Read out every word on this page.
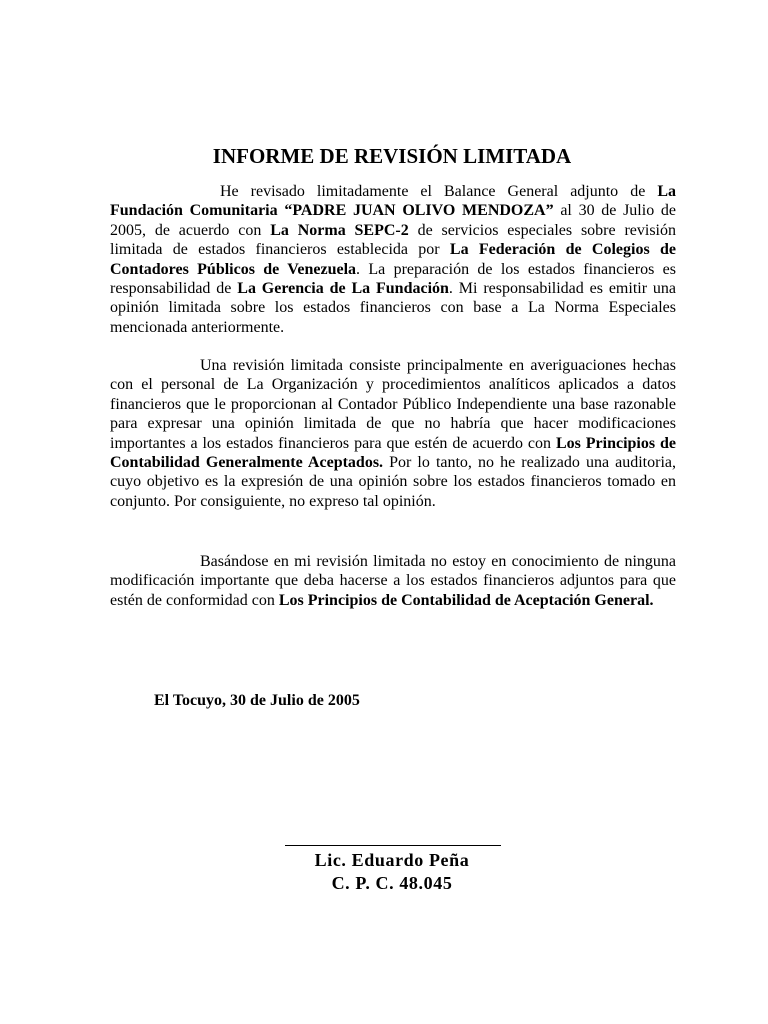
INFORME DE REVISIÓN LIMITADA
He revisado limitadamente el Balance General adjunto de La Fundación Comunitaria “PADRE JUAN OLIVO MENDOZA” al 30 de Julio de 2005, de acuerdo con La Norma SEPC-2 de servicios especiales sobre revisión limitada de estados financieros establecida por La Federación de Colegios de Contadores Públicos de Venezuela. La preparación de los estados financieros es responsabilidad de La Gerencia de La Fundación. Mi responsabilidad es emitir una opinión limitada sobre los estados financieros con base a La Norma Especiales mencionada anteriormente.
Una revisión limitada consiste principalmente en averiguaciones hechas con el personal de La Organización y procedimientos analíticos aplicados a datos financieros que le proporcionan al Contador Público Independiente una base razonable para expresar una opinión limitada de que no habría que hacer modificaciones importantes a los estados financieros para que estén de acuerdo con Los Principios de Contabilidad Generalmente Aceptados. Por lo tanto, no he realizado una auditoria, cuyo objetivo es la expresión de una opinión sobre los estados financieros tomado en conjunto. Por consiguiente, no expreso tal opinión.
Basándose en mi revisión limitada no estoy en conocimiento de ninguna modificación importante que deba hacerse a los estados financieros adjuntos para que estén de conformidad con Los Principios de Contabilidad de Aceptación General.
El Tocuyo, 30 de Julio de 2005
Lic. Eduardo Peña
C. P. C. 48.045
